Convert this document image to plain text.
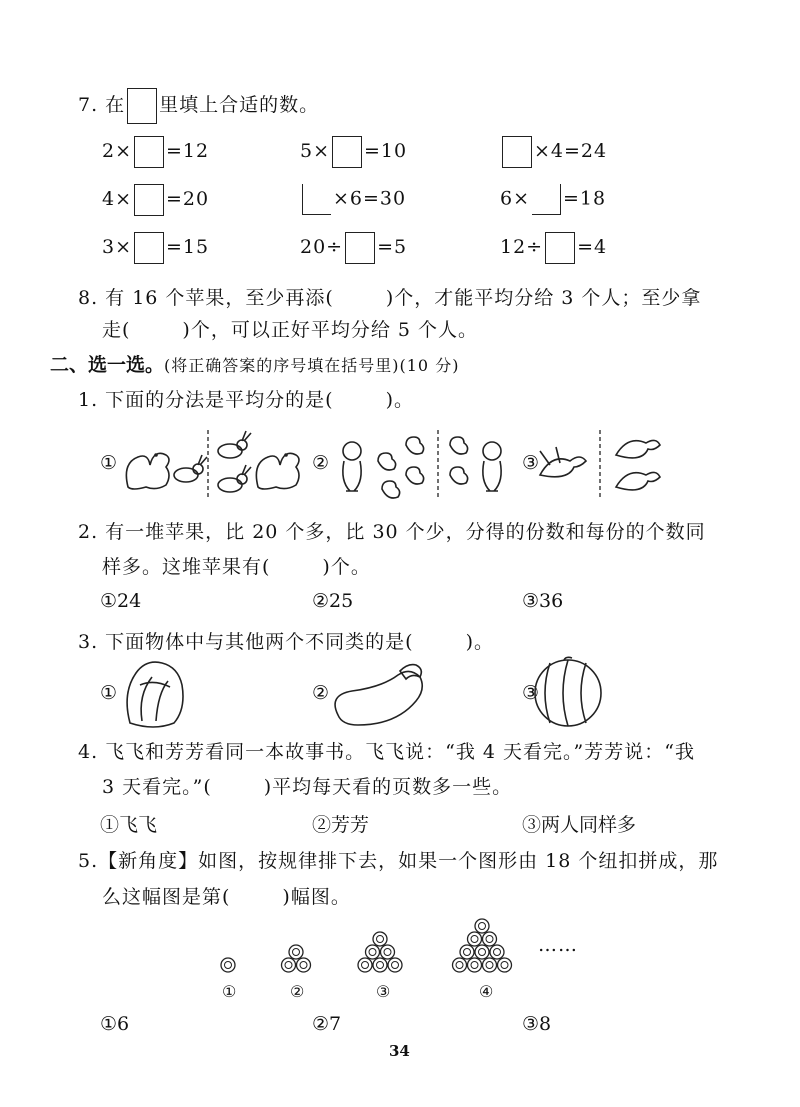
7. 在 里填上合适的数。
2× =12	5× =10	×4=24
4× =20	×6=30	6× =18
3× =15	20÷ =5	12÷ =4
8. 有 16 个苹果，至少再添(	)个，才能平均分给 3 个人；至少拿
走(	)个，可以正好平均分给 5 个人。
二、选一选。(将正确答案的序号填在括号里)(10 分)
1. 下面的分法是平均分的是(	)。
①	②	③
2. 有一堆苹果，比 20 个多，比 30 个少，分得的份数和每份的个数同
样多。这堆苹果有(	)个。
①24	②25	③36
3. 下面物体中与其他两个不同类的是(	)。
①	②	③
4. 飞飞和芳芳看同一本故事书。飞飞说：“我 4 天看完。”芳芳说：“我
3 天看完。”(	)平均每天看的页数多一些。
①飞飞	②芳芳	③两人同样多
5.【新角度】如图，按规律排下去，如果一个图形由 18 个纽扣拼成，那
么这幅图是第(	)幅图。
①	②	③	④
……
①6	②7	③8
34
